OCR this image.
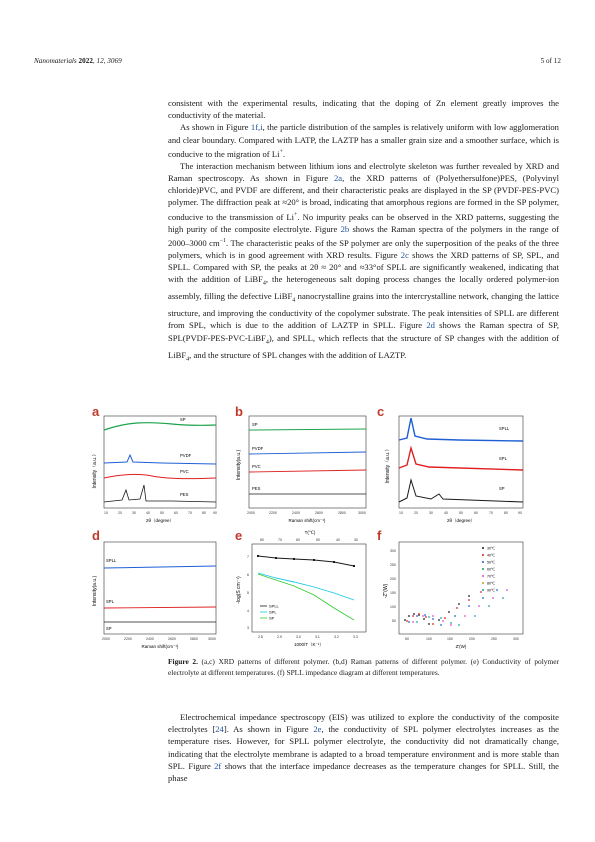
Nanomaterials 2022, 12, 3069	5 of 12

consistent with the experimental results, indicating that the doping of Zn element greatly improves the conductivity of the material.

As shown in Figure 1f,i, the particle distribution of the samples is relatively uniform with low agglomeration and clear boundary. Compared with LATP, the LAZTP has a smaller grain size and a smoother surface, which is conducive to the migration of Li+.

The interaction mechanism between lithium ions and electrolyte skeleton was further revealed by XRD and Raman spectroscopy. As shown in Figure 2a, the XRD patterns of (Polyethersulfone)PES, (Polyvinyl chloride)PVC, and PVDF are different, and their characteristic peaks are displayed in the SP (PVDF-PES-PVC) polymer. The diffraction peak at ≈20° is broad, indicating that amorphous regions are formed in the SP polymer, conducive to the transmission of Li+. No impurity peaks can be observed in the XRD patterns, suggesting the high purity of the composite electrolyte. Figure 2b shows the Raman spectra of the polymers in the range of 2000–3000 $cm^{-1}$. The characteristic peaks of the SP polymer are only the superposition of the peaks of the three polymers, which is in good agreement with XRD results. Figure 2c shows the XRD patterns of SP, SPL, and SPLL. Compared with SP, the peaks at 2θ ≈ 20° and ≈33°of SPLL are significantly weakened, indicating that with the addition of LiBF$_4$, the heterogeneous salt doping process changes the locally ordered polymer-ion assembly, filling the defective LiBF$_4$ nanocrystalline grains into the intercrystalline network, changing the lattice structure, and improving the conductivity of the copolymer substrate. The peak intensities of SPLL are different from SPL, which is due to the addition of LAZTP in SPLL. Figure 2d shows the Raman spectra of SP, SPL(PVDF-PES-PVC-LiBF$_4$), and SPLL, which reflects that the structure of SP changes with the addition of LiBF$_4$, and the structure of SPL changes with the addition of LAZTP.

a
Intensity（a.u.）
SP
PVDF
PVC
PES
10	20	30	40	50	60	70	80 90
2θ（degree）
b
Intensity(a.u.)
SP
PVDF
PVC
PES
2000	2200	2400	2600	2800	3000
Raman shift(cm⁻¹)
c
Intensity（a.u.）
SPLL
SPL
SP
10	20	30	40	50	60	70	80	90
2θ（degree）
d
Intensity(a.u.)
SPLL
SPL
SP
2000	2200	2400	2600	2800	3000
Raman shift(cm⁻¹)
e	T(℃)
80	70	60	50	40	30
-log(S cm⁻¹)
7
6
5
4
3
SPLL
SPL
SP
2.8	2.9	3.0	3.1	3.2	3.3
1000/T（K⁻¹）
f
-Z''(W)
50
100
150
200
250
300
30℃
40℃
50℃
60℃
70℃
80℃
90℃
50	100	150	200	250	300
Z'(W)
Figure 2. (a,c) XRD patterns of different polymer. (b,d) Raman patterns of different polymer. (e) Conductivity of polymer electrolyte at different temperatures. (f) SPLL impedance diagram at different temperatures.

Electrochemical impedance spectroscopy (EIS) was utilized to explore the conductivity of the composite electrolytes [24]. As shown in Figure 2e, the conductivity of SPL polymer electrolytes increases as the temperature rises. However, for SPLL polymer electrolyte, the conductivity did not dramatically change, indicating that the electrolyte membrane is adapted to a broad temperature environment and is more stable than SPL. Figure 2f shows that the interface impedance decreases as the temperature changes for SPLL. Still, the phase
